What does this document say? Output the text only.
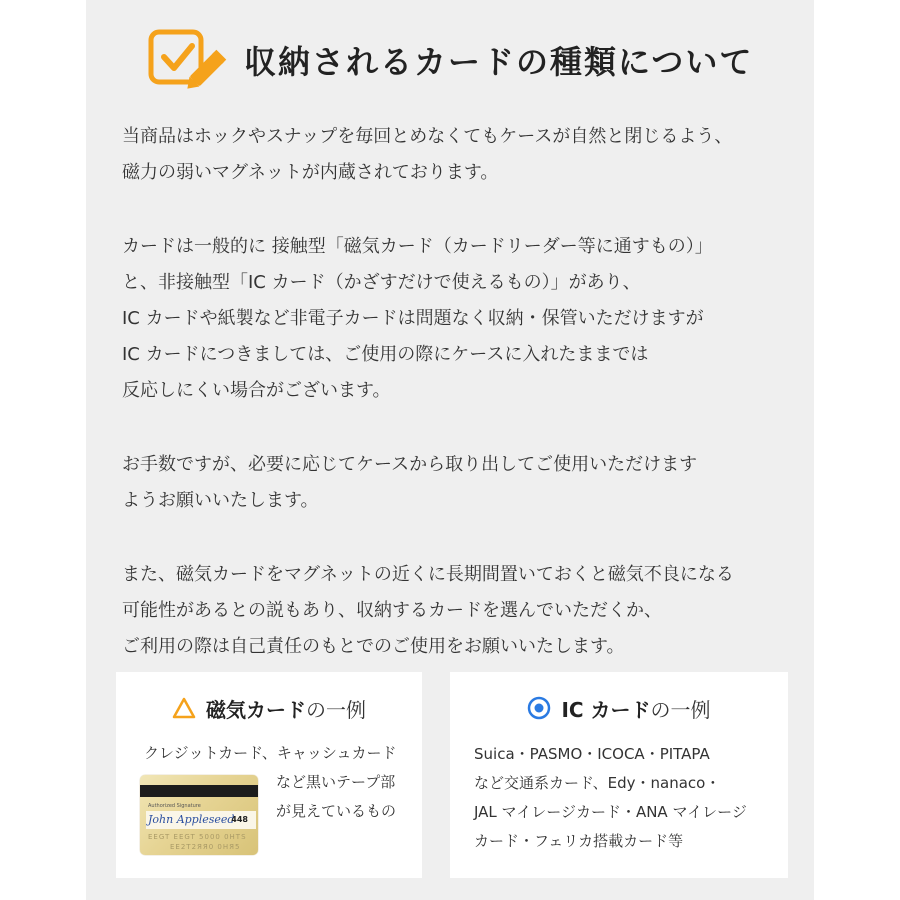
収納されるカードの種類について

当商品はホックやスナップを毎回とめなくてもケースが自然と閉じるよう、
磁力の弱いマグネットが内蔵されております。

カードは一般的に 接触型「磁気カード（カードリーダー等に通すもの）」
と、非接触型「IC カード（かざすだけで使えるもの）」があり、
IC カードや紙製など非電子カードは問題なく収納・保管いただけますが
IC カードにつきましては、ご使用の際にケースに入れたままでは
反応しにくい場合がございます。

お手数ですが、必要に応じてケースから取り出してご使用いただけます
ようお願いいたします。

また、磁気カードをマグネットの近くに長期間置いておくと磁気不良になる
可能性があるとの説もあり、収納するカードを選んでいただくか、
ご利用の際は自己責任のもとでのご使用をお願いいたします。

磁気カードの一例
クレジットカード、キャッシュカード
など黒いテープ部
が見えているもの
Authorized Signature
John Appleseed
448
EEGT EEGT 5000 0HTS
EE2T2ЯЯ0 0НЯ5
IC カードの一例
Suica・PASMO・ICOCA・PITAPA
など交通系カード、Edy・nanaco・
JAL マイレージカード・ANA マイレージ
カード・フェリカ搭載カード等
